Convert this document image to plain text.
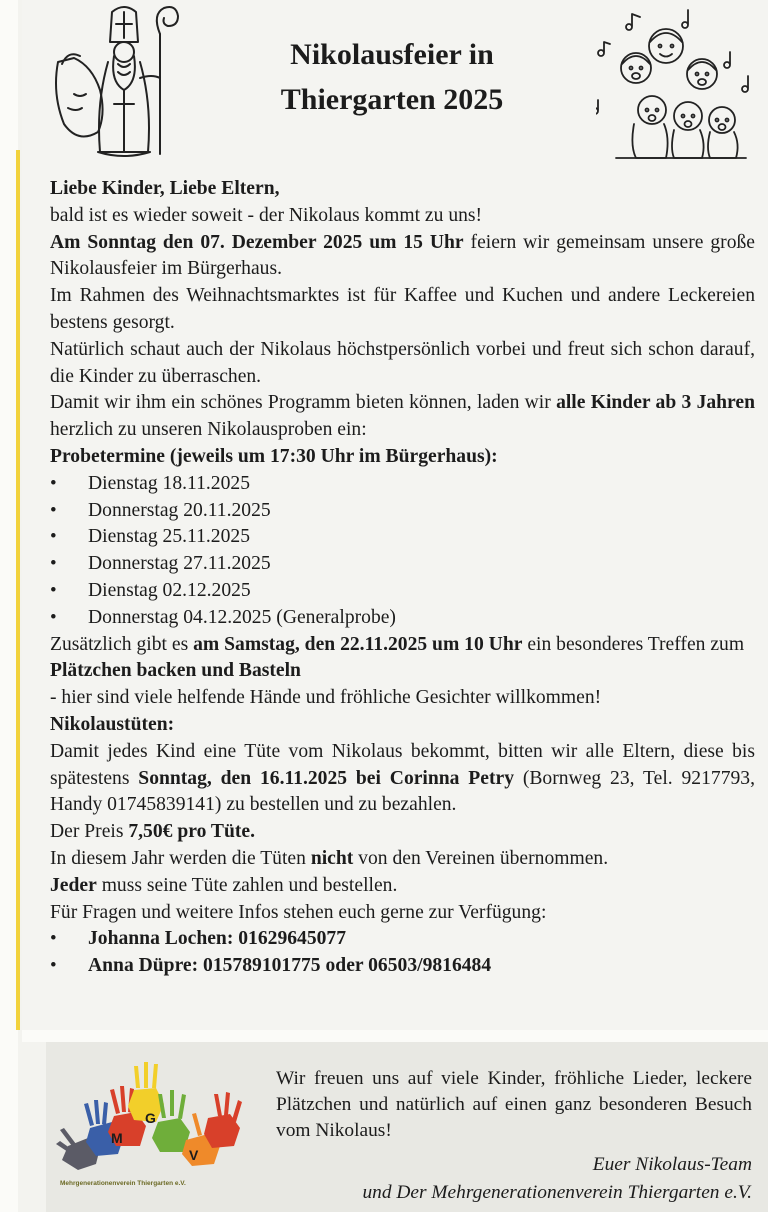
Nikolausfeier in
Thiergarten 2025

Liebe Kinder, Liebe Eltern,

bald ist es wieder soweit - der Nikolaus kommt zu uns!

Am Sonntag den 07. Dezember 2025 um 15 Uhr feiern wir gemeinsam unsere große Nikolausfeier im Bürgerhaus.

Im Rahmen des Weihnachtsmarktes ist für Kaffee und Kuchen und andere Leckereien bestens gesorgt.

Natürlich schaut auch der Nikolaus höchstpersönlich vorbei und freut sich schon darauf, die Kinder zu überraschen.

Damit wir ihm ein schönes Programm bieten können, laden wir alle Kinder ab 3 Jahren herzlich zu unseren Nikolausproben ein:

Probetermine (jeweils um 17:30 Uhr im Bürgerhaus):

• Dienstag 18.11.2025
• Donnerstag 20.11.2025
• Dienstag 25.11.2025
• Donnerstag 27.11.2025
• Dienstag 02.12.2025
• Donnerstag 04.12.2025 (Generalprobe)

Zusätzlich gibt es am Samstag, den 22.11.2025 um 10 Uhr ein besonderes Treffen zum Plätzchen backen und Basteln

- hier sind viele helfende Hände und fröhliche Gesichter willkommen!

Nikolaustüten:

Damit jedes Kind eine Tüte vom Nikolaus bekommt, bitten wir alle Eltern, diese bis spätestens Sonntag, den 16.11.2025 bei Corinna Petry (Bornweg 23, Tel. 9217793, Handy 01745839141) zu bestellen und zu bezahlen.

Der Preis 7,50€ pro Tüte.

In diesem Jahr werden die Tüten nicht von den Vereinen übernommen.

Jeder muss seine Tüte zahlen und bestellen.

Für Fragen und weitere Infos stehen euch gerne zur Verfügung:

• Johanna Lochen: 01629645077
• Anna Düpre: 015789101775 oder 06503/9816484
M
G
V
Mehrgenerationenverein Thiergarten e.V.

Wir freuen uns auf viele Kinder, fröhliche Lieder, leckere Plätzchen und natürlich auf einen ganz besonderen Besuch vom Nikolaus!

Euer Nikolaus-Team
und Der Mehrgenerationenverein Thiergarten e.V.
